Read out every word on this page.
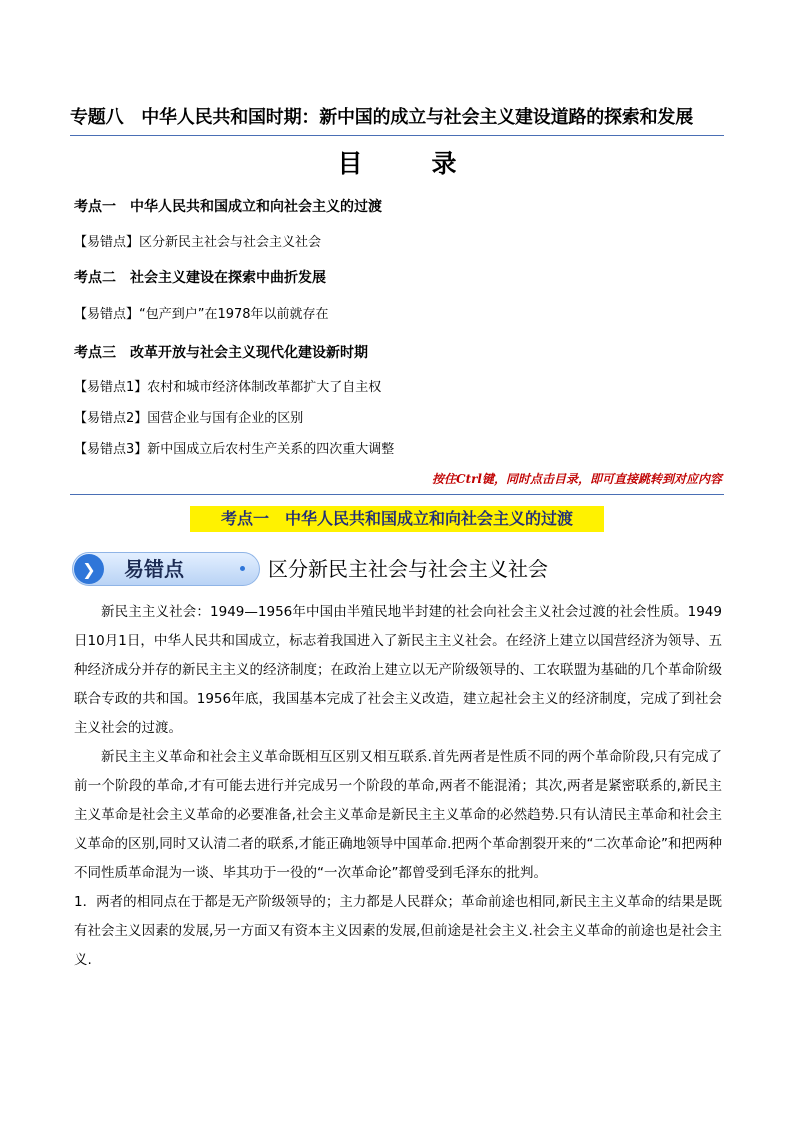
专题八　中华人民共和国时期：新中国的成立与社会主义建设道路的探索和发展
目　录
考点一　中华人民共和国成立和向社会主义的过渡
【易错点】区分新民主社会与社会主义社会
考点二　社会主义建设在探索中曲折发展
【易错点】“包产到户”在1978年以前就存在
考点三　改革开放与社会主义现代化建设新时期
【易错点1】农村和城市经济体制改革都扩大了自主权
【易错点2】国营企业与国有企业的区别
【易错点3】新中国成立后农村生产关系的四次重大调整
按住Ctrl键，同时点击目录，即可直接跳转到对应内容
考点一　中华人民共和国成立和向社会主义的过渡
❯	易错点	区分新民主社会与社会主义社会

新民主主义社会：1949—1956年中国由半殖民地半封建的社会向社会主义社会过渡的社会性质。1949日10月1日，中华人民共和国成立，标志着我国进入了新民主主义社会。在经济上建立以国营经济为领导、五种经济成分并存的新民主主义的经济制度；在政治上建立以无产阶级领导的、工农联盟为基础的几个革命阶级联合专政的共和国。1956年底，我国基本完成了社会主义改造，建立起社会主义的经济制度，完成了到社会主义社会的过渡。

新民主主义革命和社会主义革命既相互区别又相互联系.首先两者是性质不同的两个革命阶段,只有完成了前一个阶段的革命,才有可能去进行并完成另一个阶段的革命,两者不能混淆；其次,两者是紧密联系的,新民主主义革命是社会主义革命的必要准备,社会主义革命是新民主主义革命的必然趋势.只有认清民主革命和社会主义革命的区别,同时又认清二者的联系,才能正确地领导中国革命.把两个革命割裂开来的“二次革命论”和把两种不同性质革命混为一谈、毕其功于一役的“一次革命论”都曾受到毛泽东的批判。

1．两者的相同点在于都是无产阶级领导的；主力都是人民群众；革命前途也相同,新民主主义革命的结果是既有社会主义因素的发展,另一方面又有资本主义因素的发展,但前途是社会主义.社会主义革命的前途也是社会主义.
